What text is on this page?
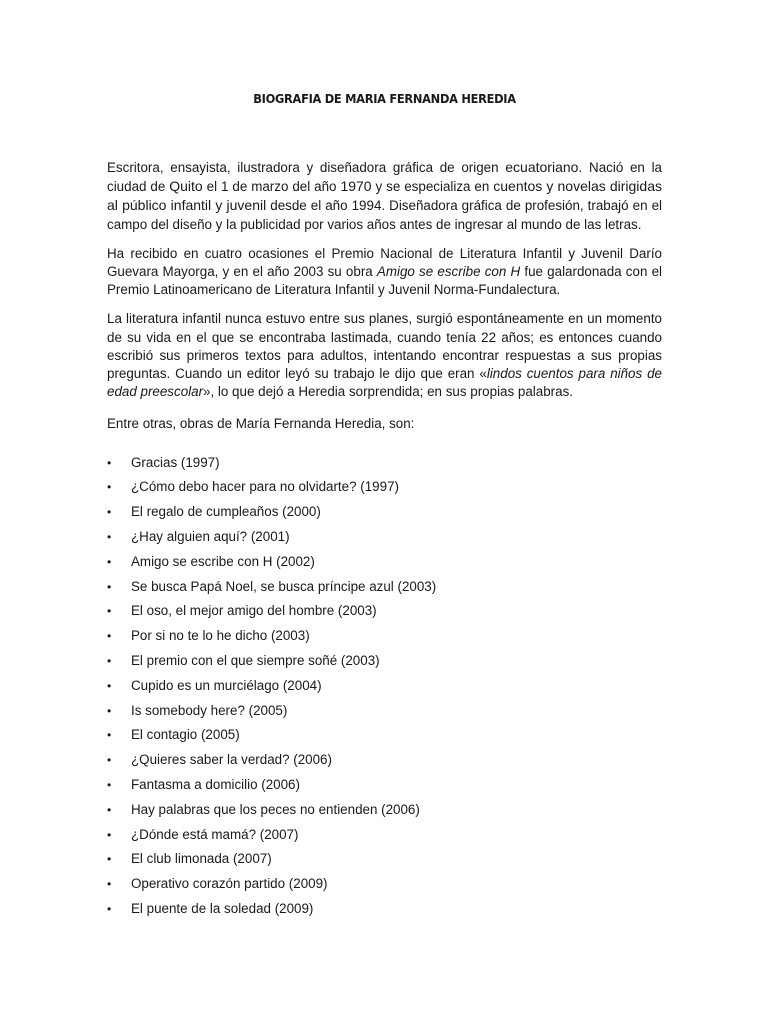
BIOGRAFIA DE MARIA FERNANDA HEREDIA

Escritora, ensayista, ilustradora y diseñadora gráfica de origen ecuatoriano. Nació en la ciudad de Quito el 1 de marzo del año 1970 y se especializa en cuentos y novelas dirigidas al público infantil y juvenil desde el año 1994. Diseñadora gráfica de profesión, trabajó en el campo del diseño y la publicidad por varios años antes de ingresar al mundo de las letras.

Ha recibido en cuatro ocasiones el Premio Nacional de Literatura Infantil y Juvenil Darío Guevara Mayorga, y en el año 2003 su obra Amigo se escribe con H fue galardonada con el Premio Latinoamericano de Literatura Infantil y Juvenil Norma-Fundalectura.

La literatura infantil nunca estuvo entre sus planes, surgió espontáneamente en un momento de su vida en el que se encontraba lastimada, cuando tenía 22 años; es entonces cuando escribió sus primeros textos para adultos, intentando encontrar respuestas a sus propias preguntas. Cuando un editor leyó su trabajo le dijo que eran «lindos cuentos para niños de edad preescolar», lo que dejó a Heredia sorprendida; en sus propias palabras.

Entre otras, obras de María Fernanda Heredia, son:
• Gracias (1997)
• ¿Cómo debo hacer para no olvidarte? (1997)
• El regalo de cumpleaños (2000)
• ¿Hay alguien aquí? (2001)
• Amigo se escribe con H (2002)
• Se busca Papá Noel, se busca príncipe azul (2003)
• El oso, el mejor amigo del hombre (2003)
• Por si no te lo he dicho (2003)
• El premio con el que siempre soñé (2003)
• Cupido es un murciélago (2004)
• Is somebody here? (2005)
• El contagio (2005)
• ¿Quieres saber la verdad? (2006)
• Fantasma a domicilio (2006)
• Hay palabras que los peces no entienden (2006)
• ¿Dónde está mamá? (2007)
• El club limonada (2007)
• Operativo corazón partido (2009)
• El puente de la soledad (2009)
